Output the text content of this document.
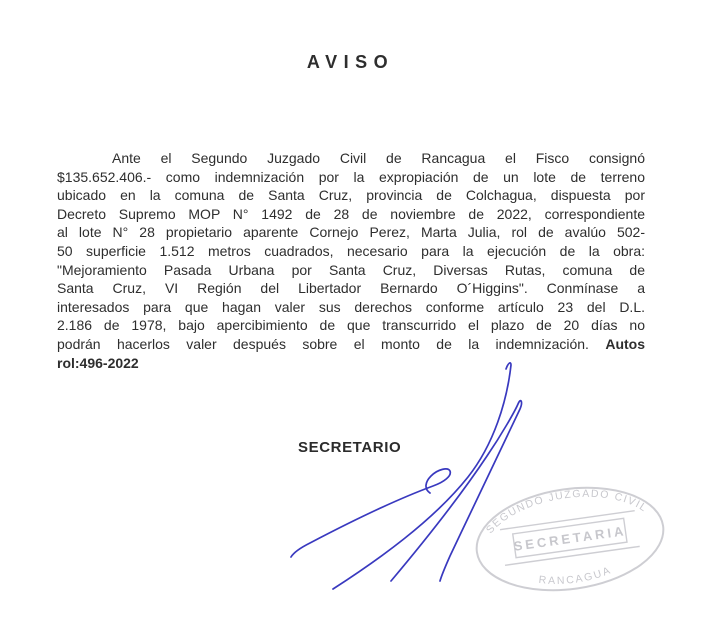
AVISO
Ante el Segundo Juzgado Civil de Rancagua el Fisco consignó
$135.652.406.- como indemnización por la expropiación de un lote de terreno
ubicado en la comuna de Santa Cruz, provincia de Colchagua, dispuesta por
Decreto Supremo MOP N° 1492 de 28 de noviembre de 2022, correspondiente
al lote N° 28 propietario aparente Cornejo Perez, Marta Julia, rol de avalúo 502-
50 superficie 1.512 metros cuadrados, necesario para la ejecución de la obra:
"Mejoramiento Pasada Urbana por Santa Cruz, Diversas Rutas, comuna de
Santa Cruz, VI Región del Libertador Bernardo O´Higgins". Conmínase a
interesados para que hagan valer sus derechos conforme artículo 23 del D.L.
2.186 de 1978, bajo apercibimiento de que transcurrido el plazo de 20 días no
podrán hacerlos valer después sobre el monto de la indemnización. Autos
rol:496-2022
SECRETARIO
SEGUNDO JUZGADO CIVIL
SECRETARIA
RANCAGUA
